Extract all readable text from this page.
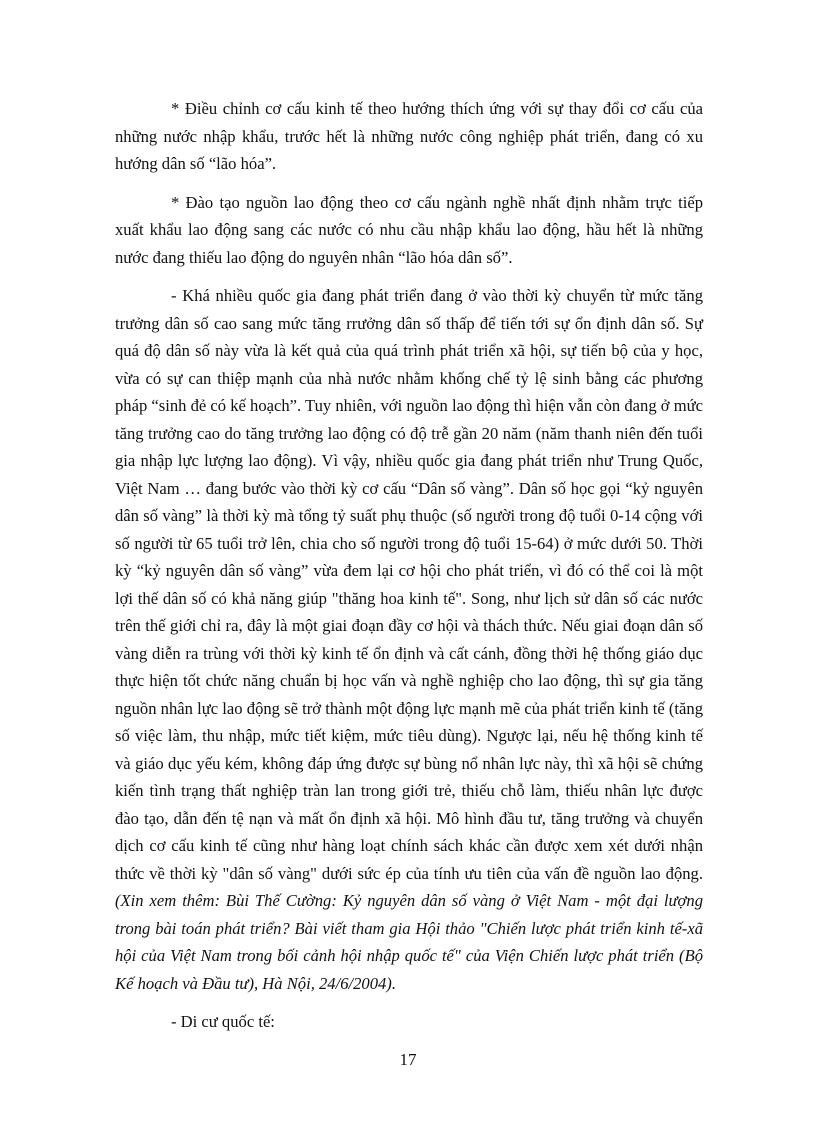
* Điều chỉnh cơ cấu kinh tế theo hướng thích ứng với sự thay đổi cơ cấu của những nước nhập khẩu, trước hết là những nước công nghiệp phát triển, đang có xu hướng dân số “lão hóa”.

* Đào tạo nguồn lao động theo cơ cấu ngành nghề nhất định nhằm trực tiếp xuất khẩu lao động sang các nước có nhu cầu nhập khẩu lao động, hầu hết là những nước đang thiếu lao động do nguyên nhân “lão hóa dân số”.

- Khá nhiều quốc gia đang phát triển đang ở vào thời kỳ chuyển từ mức tăng trưởng dân số cao sang mức tăng rrưởng dân số thấp để tiến tới sự ổn định dân số. Sự quá độ dân số này vừa là kết quả của quá trình phát triển xã hội, sự tiến bộ của y học, vừa có sự can thiệp mạnh của nhà nước nhằm khống chế tỷ lệ sinh bằng các phương pháp “sinh đẻ có kế hoạch”. Tuy nhiên, với nguồn lao động thì hiện vẫn còn đang ở mức tăng trưởng cao do tăng trưởng lao động có độ trễ gần 20 năm (năm thanh niên đến tuổi gia nhập lực lượng lao động). Vì vậy, nhiều quốc gia đang phát triển như Trung Quốc, Việt Nam … đang bước vào thời kỳ cơ cấu “Dân số vàng”. Dân số học gọi “kỷ nguyên dân số vàng” là thời kỳ mà tổng tỷ suất phụ thuộc (số người trong độ tuổi 0-14 cộng với số người từ 65 tuổi trở lên, chia cho số người trong độ tuổi 15-64) ở mức dưới 50. Thời kỳ “kỷ nguyên dân số vàng” vừa đem lại cơ hội cho phát triển, vì đó có thể coi là một lợi thế dân số có khả năng giúp "thăng hoa kinh tế". Song, như lịch sử dân số các nước trên thế giới chỉ ra, đây là một giai đoạn đầy cơ hội và thách thức. Nếu giai đoạn dân số vàng diễn ra trùng với thời kỳ kinh tế ổn định và cất cánh, đồng thời hệ thống giáo dục thực hiện tốt chức năng chuẩn bị học vấn và nghề nghiệp cho lao động, thì sự gia tăng nguồn nhân lực lao động sẽ trở thành một động lực mạnh mẽ của phát triển kinh tế (tăng số việc làm, thu nhập, mức tiết kiệm, mức tiêu dùng). Ngược lại, nếu hệ thống kinh tế và giáo dục yếu kém, không đáp ứng được sự bùng nổ nhân lực này, thì xã hội sẽ chứng kiến tình trạng thất nghiệp tràn lan trong giới trẻ, thiếu chỗ làm, thiếu nhân lực được đào tạo, dẫn đến tệ nạn và mất ổn định xã hội. Mô hình đầu tư, tăng trưởng và chuyển dịch cơ cấu kinh tế cũng như hàng loạt chính sách khác cần được xem xét dưới nhận thức về thời kỳ "dân số vàng" dưới sức ép của tính ưu tiên của vấn đề nguồn lao động. (Xin xem thêm: Bùi Thế Cường: Kỷ nguyên dân số vàng ở Việt Nam - một đại lượng trong bài toán phát triển? Bài viết tham gia Hội thảo "Chiến lược phát triển kinh tế-xã hội của Việt Nam trong bối cảnh hội nhập quốc tế" của Viện Chiến lược phát triển (Bộ Kế hoạch và Đầu tư), Hà Nội, 24/6/2004).

- Di cư quốc tế:

17
